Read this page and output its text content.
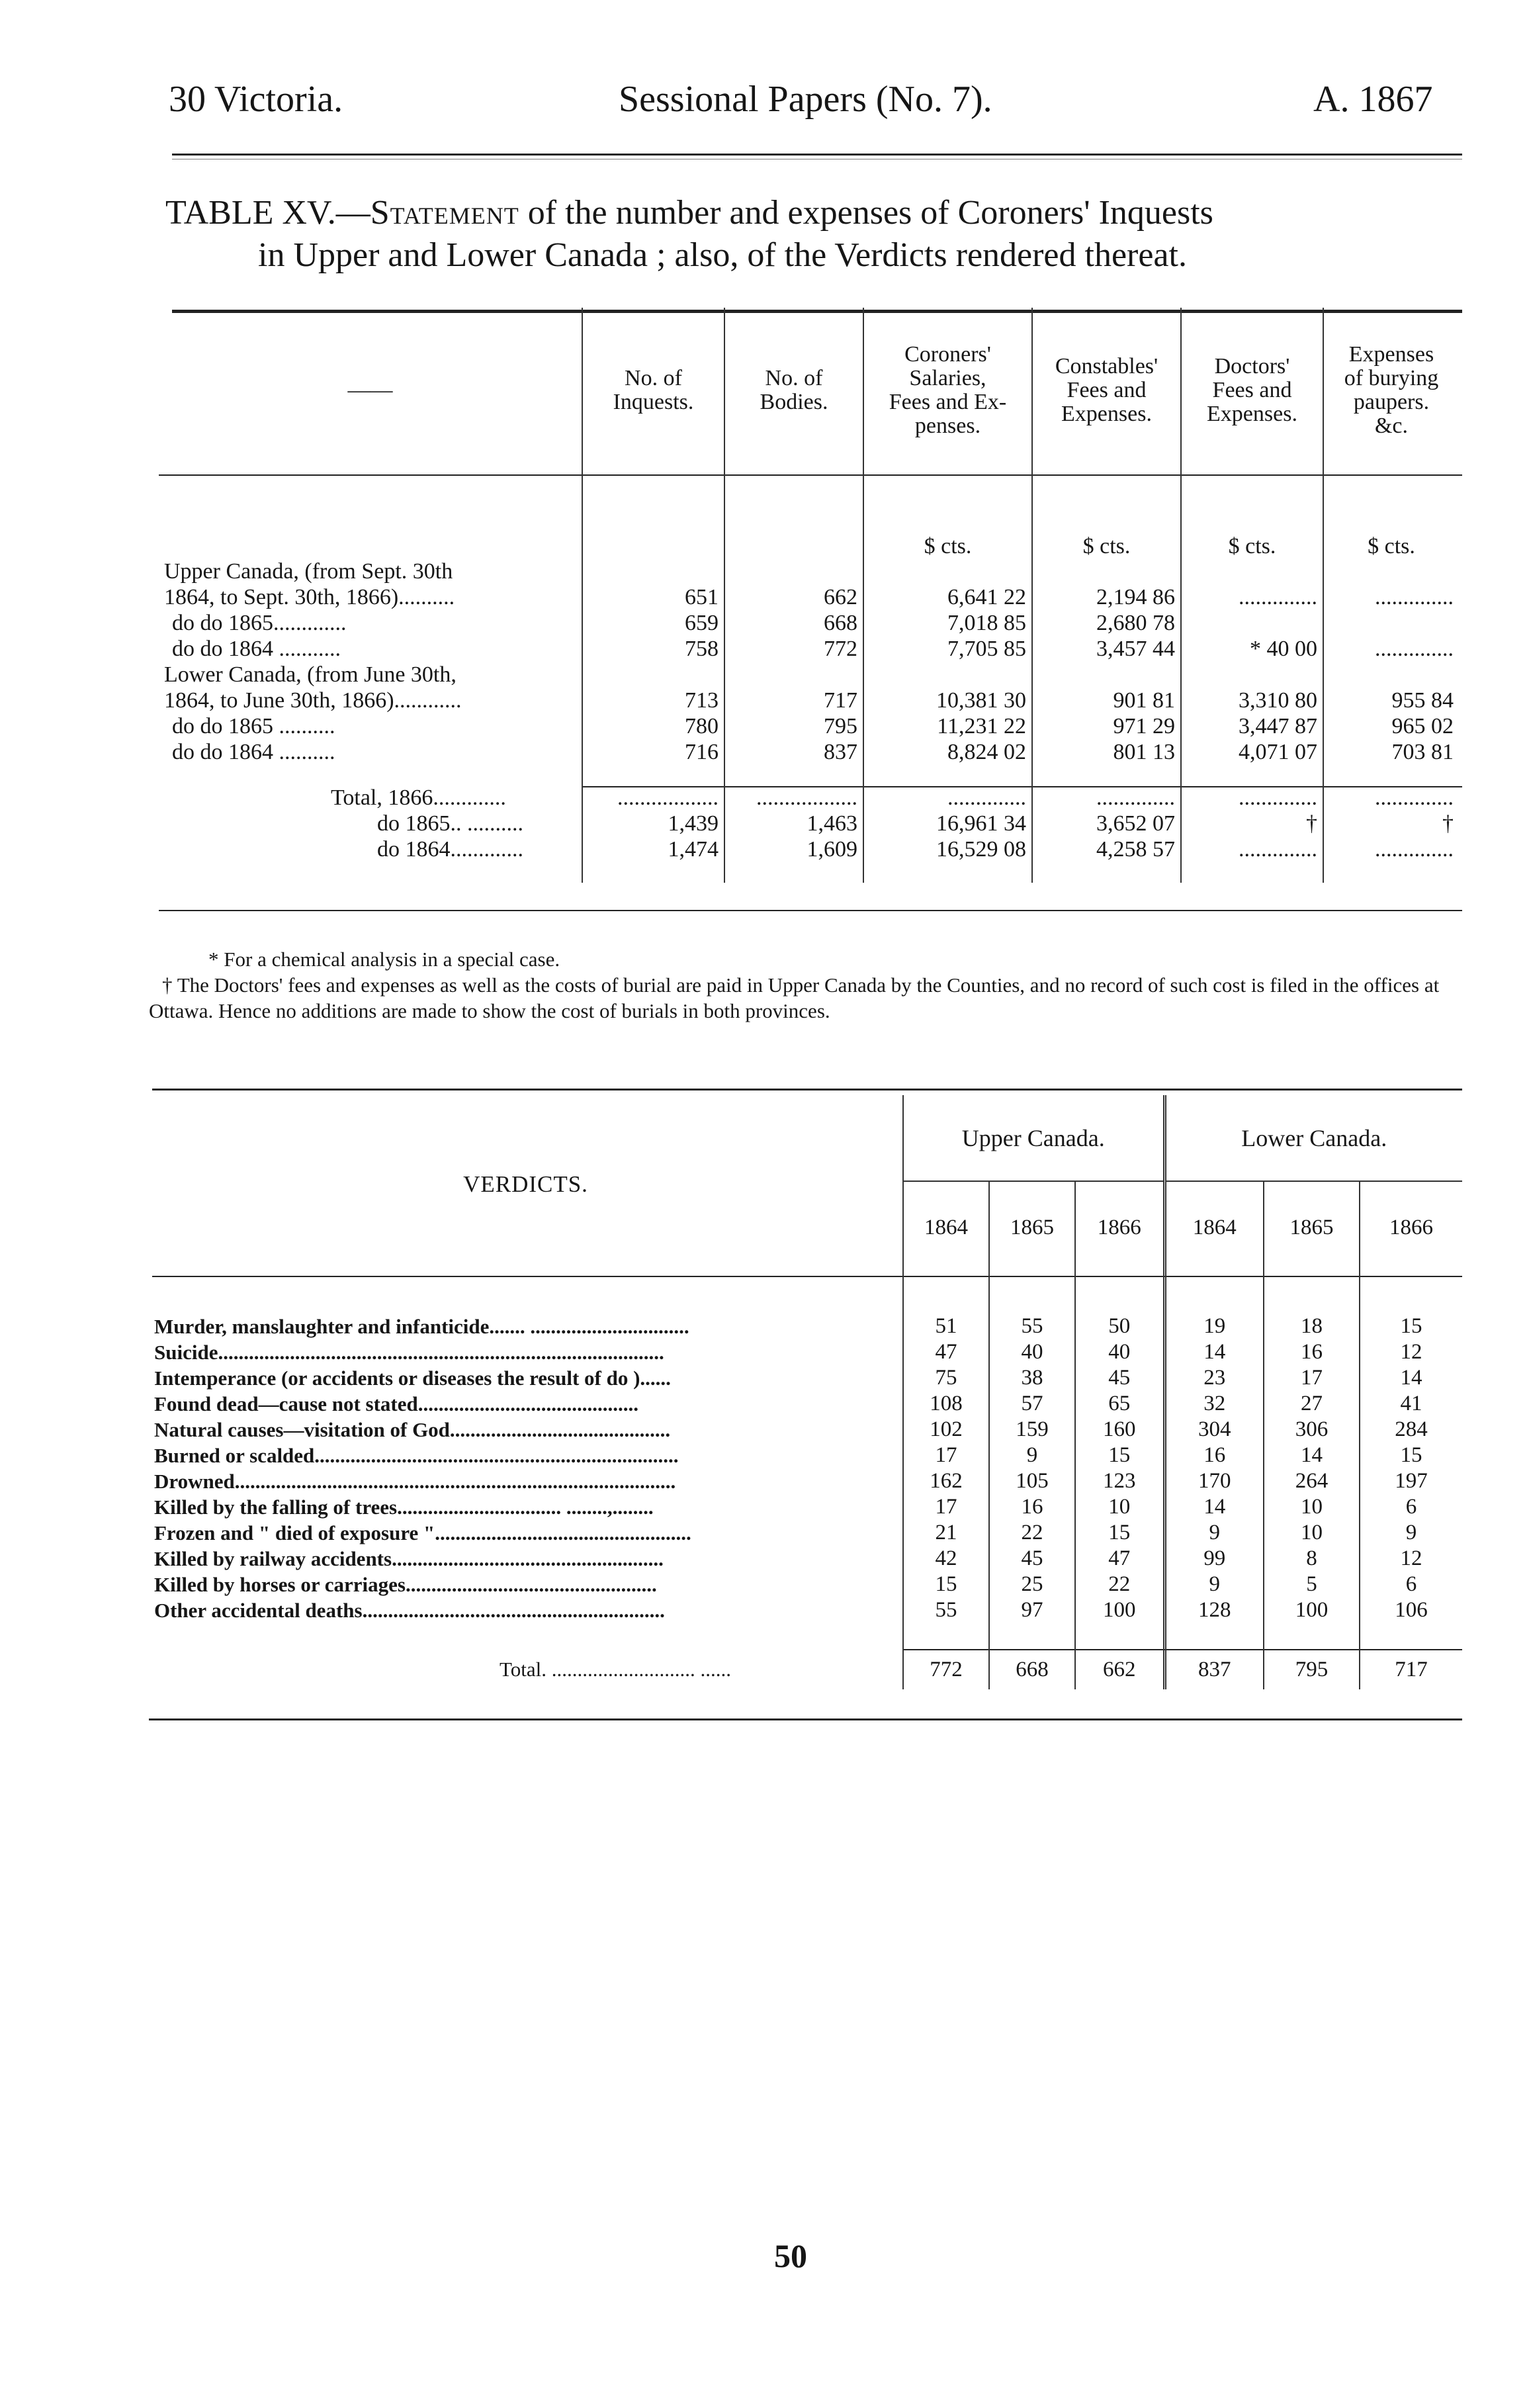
30 Victoria.	Sessional Papers (No. 7).	A. 1867
TABLE XV.—Statement of the number and expenses of Coroners' Inquests
in Upper and Lower Canada ; also, of the Verdicts rendered thereat.
——	No. of
Inquests.	No. of
Bodies.	Coroners'
Salaries,
Fees and Ex-
penses.	Constables'
Fees and
Expenses.	Doctors'
Fees and
Expenses.	Expenses
of burying
paupers.
&c.
			$ cts.	$ cts.	$ cts.	$ cts.
Upper Canada, (from Sept. 30th						
1864, to Sept. 30th, 1866)..........	651	662	6,641 22	2,194 86	..............	..............
do do 1865.............	659	668	7,018 85	2,680 78		
do do 1864 ...........	758	772	7,705 85	3,457 44	* 40 00	..............
Lower Canada, (from June 30th,						
1864, to June 30th, 1866)............	713	717	10,381 30	901 81	3,310 80	955 84
do do 1865 ..........	780	795	11,231 22	971 29	3,447 87	965 02
do do 1864 ..........	716	837	8,824 02	801 13	4,071 07	703 81

Total, 1866.............	..................	..................	..............	..............	..............	..............
do 1865.. ..........	1,439	1,463	16,961 34	3,652 07	†	†
do 1864.............	1,474	1,609	16,529 08	4,258 57	..............	..............

* For a chemical analysis in a special case.

† The Doctors' fees and expenses as well as the costs of burial are paid in Upper Canada by the Counties, and no record of such cost is filed in the offices at Ottawa. Hence no additions are made to show the cost of burials in both provinces.

VERDICTS.	Upper Canada.			Lower Canada.		
	1864	1865	1866	1864	1865	1866

Murder, manslaughter and infanticide....... ...............................	51	55	50	19	18	15
Suicide.......................................................................................	47	40	40	14	16	12
Intemperance (or accidents or diseases the result of do )......	75	38	45	23	17	14
Found dead—cause not stated...........................................	108	57	65	32	27	41
Natural causes—visitation of God...........................................	102	159	160	304	306	284
Burned or scalded.......................................................................	17	9	15	16	14	15
Drowned......................................................................................	162	105	123	170	264	197
Killed by the falling of trees................................ ........,........	17	16	10	14	10	6
Frozen and " died of exposure "..................................................	21	22	15	9	10	9
Killed by railway accidents.....................................................	42	45	47	99	8	12
Killed by horses or carriages.................................................	15	25	22	9	5	6
Other accidental deaths...........................................................	55	97	100	128	100	106

Total. ............................ ......	772	668	662	837	795	717
50
